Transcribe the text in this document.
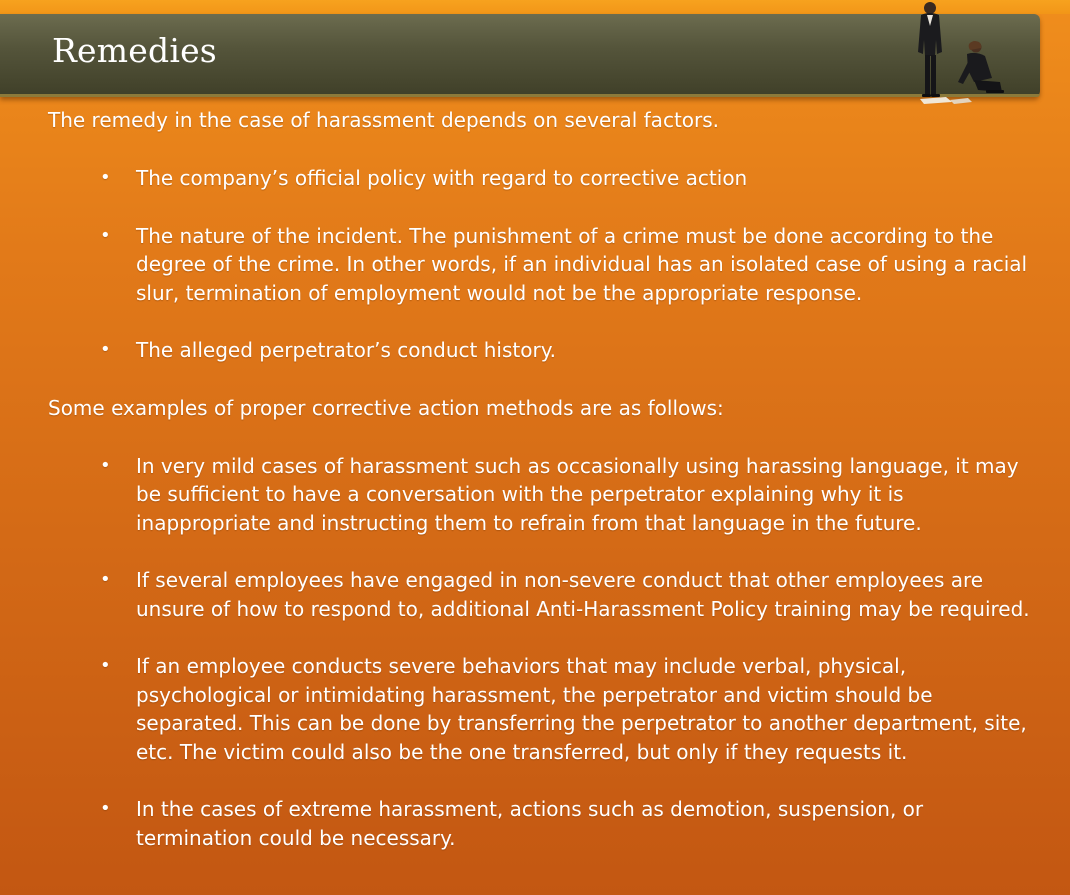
Remedies

The remedy in the case of harassment depends on several factors.

• The company’s official policy with regard to corrective action
• The nature of the incident. The punishment of a crime must be done according to the degree of the crime. In other words, if an individual has an isolated case of using a racial slur, termination of employment would not be the appropriate response.
• The alleged perpetrator’s conduct history.

Some examples of proper corrective action methods are as follows:

• In very mild cases of harassment such as occasionally using harassing language, it may be sufficient to have a conversation with the perpetrator explaining why it is inappropriate and instructing them to refrain from that language in the future.
• If several employees have engaged in non-severe conduct that other employees are unsure of how to respond to, additional Anti-Harassment Policy training may be required.
• If an employee conducts severe behaviors that may include verbal, physical, psychological or intimidating harassment, the perpetrator and victim should be separated. This can be done by transferring the perpetrator to another department, site, etc. The victim could also be the one transferred, but only if they requests it.
• In the cases of extreme harassment, actions such as demotion, suspension, or termination could be necessary.
